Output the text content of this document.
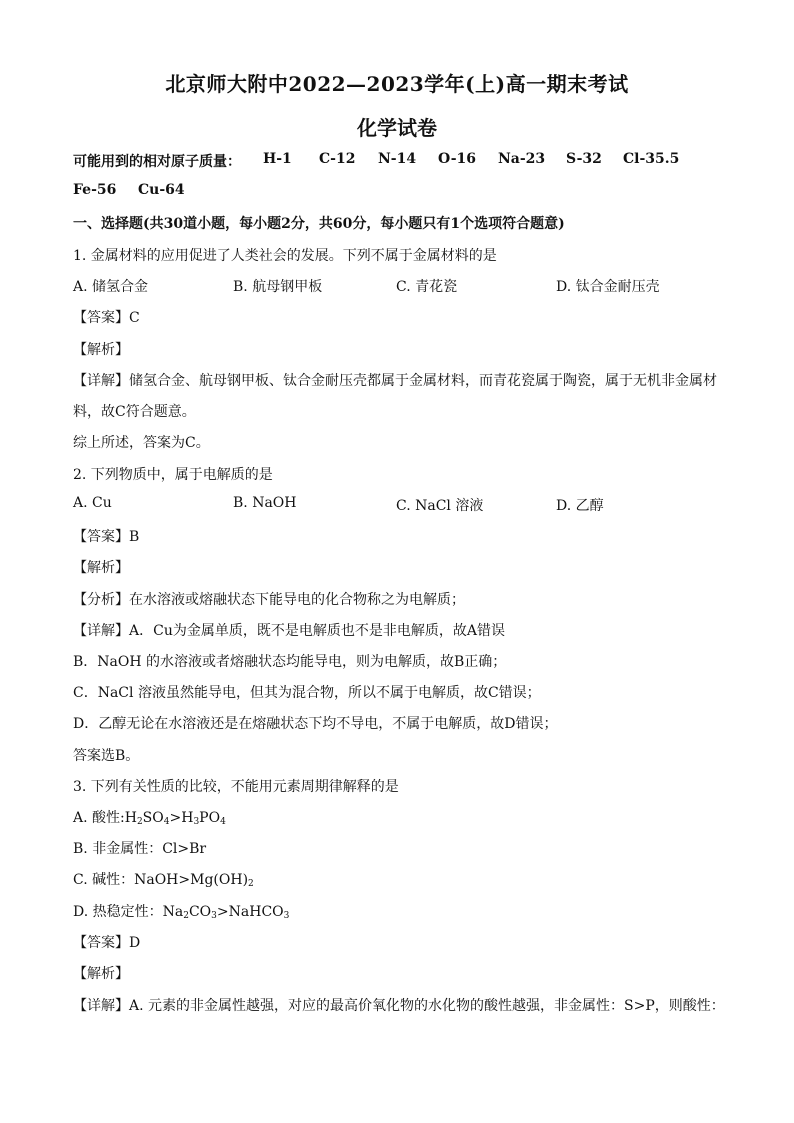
北京师大附中2022—2023学年(上)高一期末考试
化学试卷
可能用到的相对原子质量： H-1 C-12 N-14 O-16 Na-23 S-32 Cl-35.5
Fe-56 Cu-64
一、选择题(共30道小题，每小题2分，共60分，每小题只有1个选项符合题意)
1. 金属材料的应用促进了人类社会的发展。下列不属于金属材料的是
A. 储氢合金	B. 航母钢甲板	C. 青花瓷	D. 钛合金耐压壳
【答案】C
【解析】
【详解】储氢合金、航母钢甲板、钛合金耐压壳都属于金属材料，而青花瓷属于陶瓷，属于无机非金属材
料，故C符合题意。
综上所述，答案为C。
2. 下列物质中，属于电解质的是
A. Cu	B. NaOH	C. NaCl 溶液	D. 乙醇
【答案】B
【解析】
【分析】在水溶液或熔融状态下能导电的化合物称之为电解质；
【详解】A．Cu为金属单质，既不是电解质也不是非电解质，故A错误
B．NaOH 的水溶液或者熔融状态均能导电，则为电解质，故B正确；
C．NaCl 溶液虽然能导电，但其为混合物，所以不属于电解质，故C错误；
D．乙醇无论在水溶液还是在熔融状态下均不导电，不属于电解质，故D错误；
答案选B。
3. 下列有关性质的比较，不能用元素周期律解释的是
A. 酸性$:H_2SO_4>H_3PO_4$
B. 非金属性：Cl>Br
C. 碱性：$NaOH>Mg(OH)_2$
D. 热稳定性：$Na_2CO_3>NaHCO_3$
【答案】D
【解析】
【详解】A. 元素的非金属性越强，对应的最高价氧化物的水化物的酸性越强，非金属性：S>P，则酸性：
